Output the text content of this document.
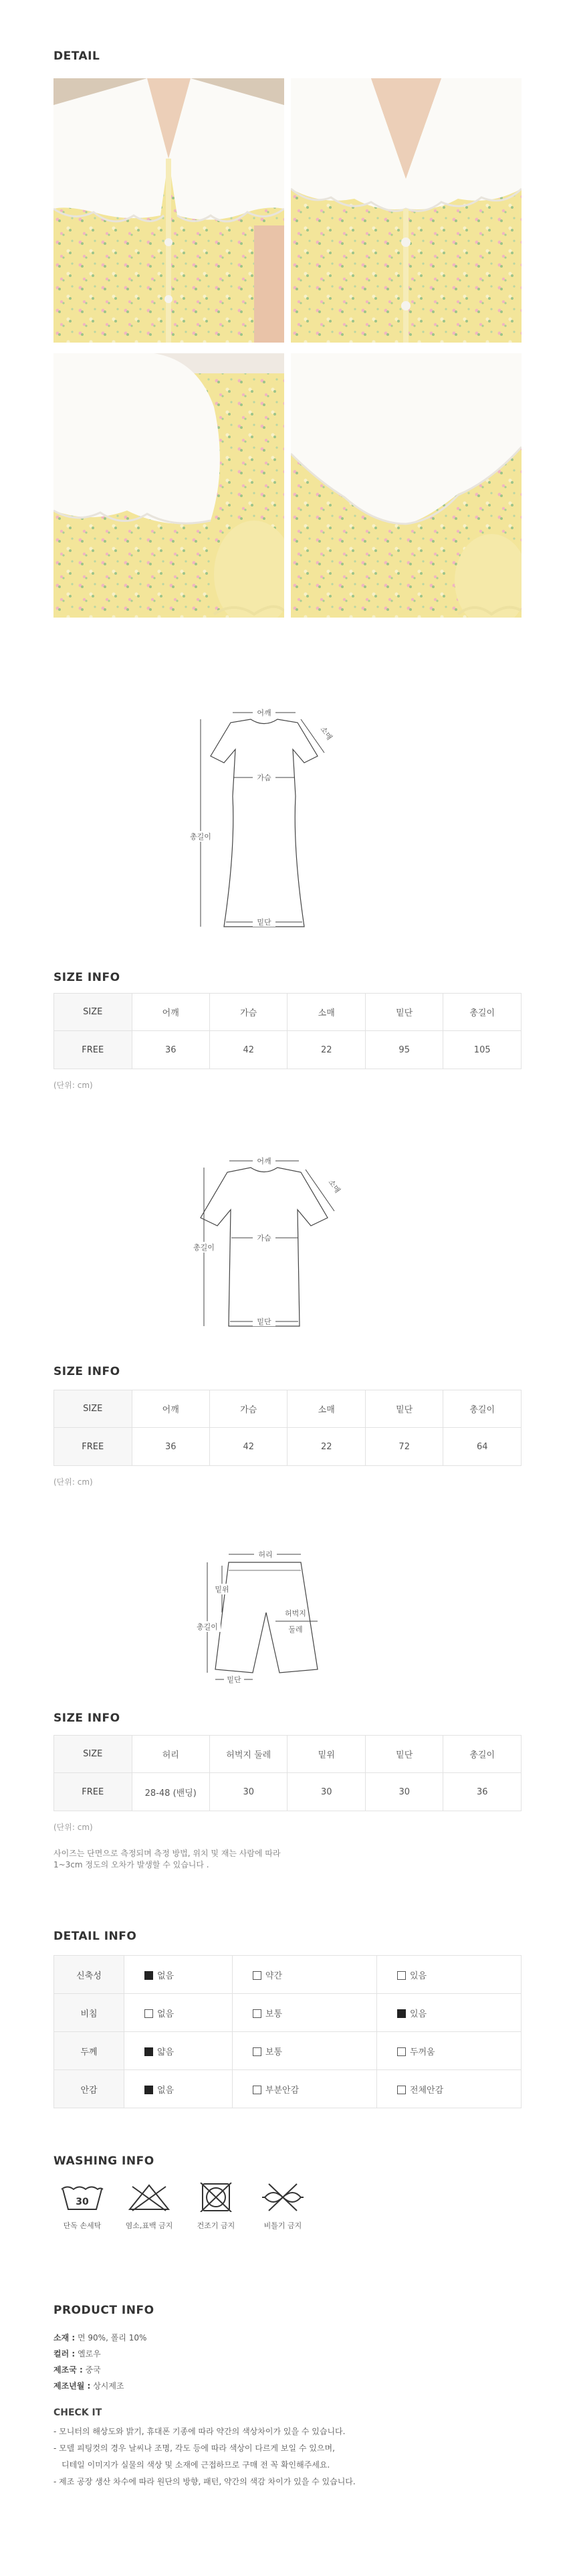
DETAIL
어깨
가슴
밑단
총길이
소매
SIZE INFO
SIZE	어깨	가슴	소매	밑단	총길이
FREE	36	42	22	95	105
(단위: cm)
어깨
가슴
밑단
총길이
소매
SIZE INFO
SIZE	어깨	가슴	소매	밑단	총길이
FREE	36	42	22	72	64
(단위: cm)
허리
밑위
총길이
허벅지
둘레
밑단
SIZE INFO
SIZE	허리	허벅지 둘레	밑위	밑단	총길이
FREE	28-48 (밴딩)	30	30	30	36
(단위: cm)
사이즈는 단면으로 측정되며 측정 방법, 위치 및 재는 사람에 따라
1~3cm 정도의 오차가 발생할 수 있습니다 .
DETAIL INFO
신축성	없음	약간	있음
비침	없음	보통	있음
두께	얇음	보통	두꺼움
안감	없음	부분안감	전체안감
WASHING INFO
30
단독 손세탁	염소,표백 금지	건조기 금지	비틀기 금지
PRODUCT INFO
소재 : 면 90%, 폴리 10%
컬러 : 옐로우
제조국 : 중국
제조년월 : 상시제조
CHECK IT
- 모니터의 해상도와 밝기, 휴대폰 기종에 따라 약간의 색상차이가 있을 수 있습니다.
- 모델 피팅컷의 경우 날씨나 조명, 각도 등에 따라 색상이 다르게 보일 수 있으며,
디테일 이미지가 실물의 색상 및 소재에 근접하므로 구매 전 꼭 확인해주세요.
- 제조 공장 생산 차수에 따라 원단의 방향, 패턴, 약간의 색감 차이가 있을 수 있습니다.
